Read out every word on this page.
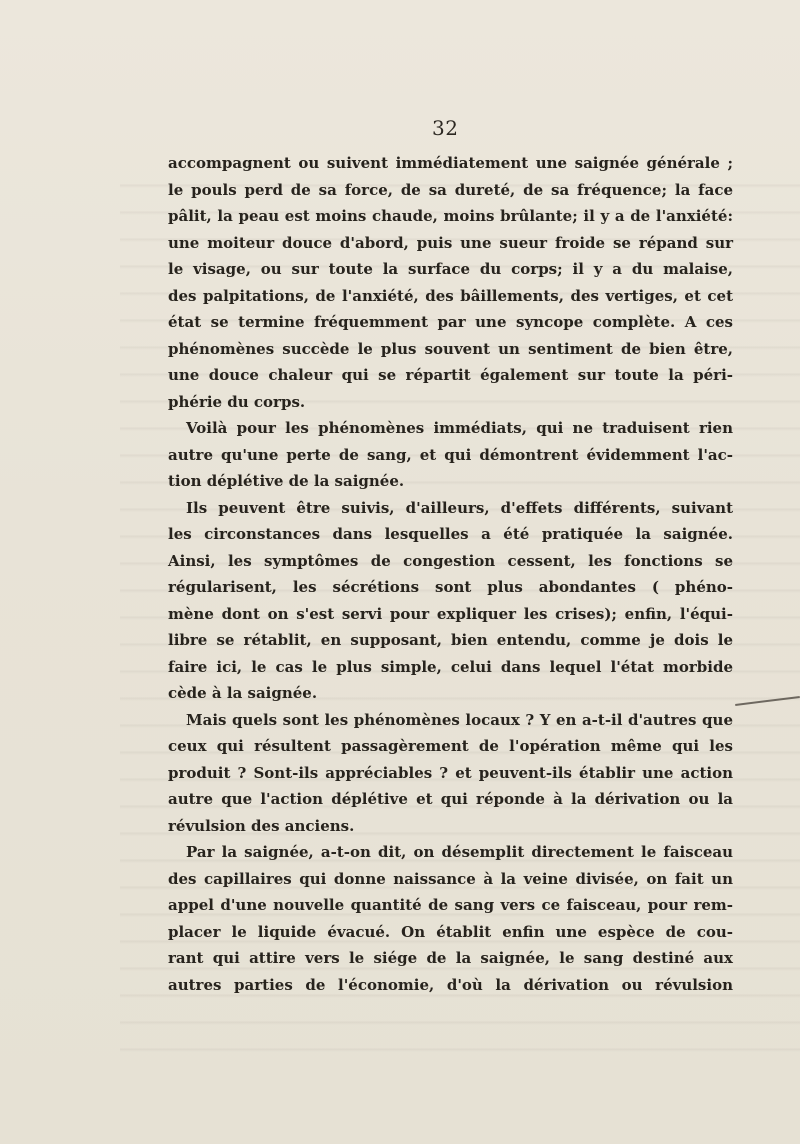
32
accompagnent ou suivent immédiatement une saignée générale ;
le pouls perd de sa force, de sa dureté, de sa fréquence; la face
pâlit, la peau est moins chaude, moins brûlante; il y a de l'anxiété:
une moiteur douce d'abord, puis une sueur froide se répand sur
le visage, ou sur toute la surface du corps; il y a du malaise,
des palpitations, de l'anxiété, des bâillements, des vertiges, et cet
état se termine fréquemment par une syncope complète. A ces
phénomènes succède le plus souvent un sentiment de bien être,
une douce chaleur qui se répartit également sur toute la péri-
phérie du corps.
Voilà pour les phénomènes immédiats, qui ne traduisent rien
autre qu'une perte de sang, et qui démontrent évidemment l'ac-
tion déplétive de la saignée.
Ils peuvent être suivis, d'ailleurs, d'effets différents, suivant
les circonstances dans lesquelles a été pratiquée la saignée.
Ainsi, les symptômes de congestion cessent, les fonctions se
régularisent, les sécrétions sont plus abondantes ( phéno-
mène dont on s'est servi pour expliquer les crises); enfin, l'équi-
libre se rétablit, en supposant, bien entendu, comme je dois le
faire ici, le cas le plus simple, celui dans lequel l'état morbide
cède à la saignée.
Mais quels sont les phénomènes locaux ? Y en a-t-il d'autres que
ceux qui résultent passagèrement de l'opération même qui les
produit ? Sont-ils appréciables ? et peuvent-ils établir une action
autre que l'action déplétive et qui réponde à la dérivation ou la
révulsion des anciens.
Par la saignée, a-t-on dit, on désemplit directement le faisceau
des capillaires qui donne naissance à la veine divisée, on fait un
appel d'une nouvelle quantité de sang vers ce faisceau, pour rem-
placer le liquide évacué. On établit enfin une espèce de cou-
rant qui attire vers le siége de la saignée, le sang destiné aux
autres parties de l'économie, d'où la dérivation ou révulsion
